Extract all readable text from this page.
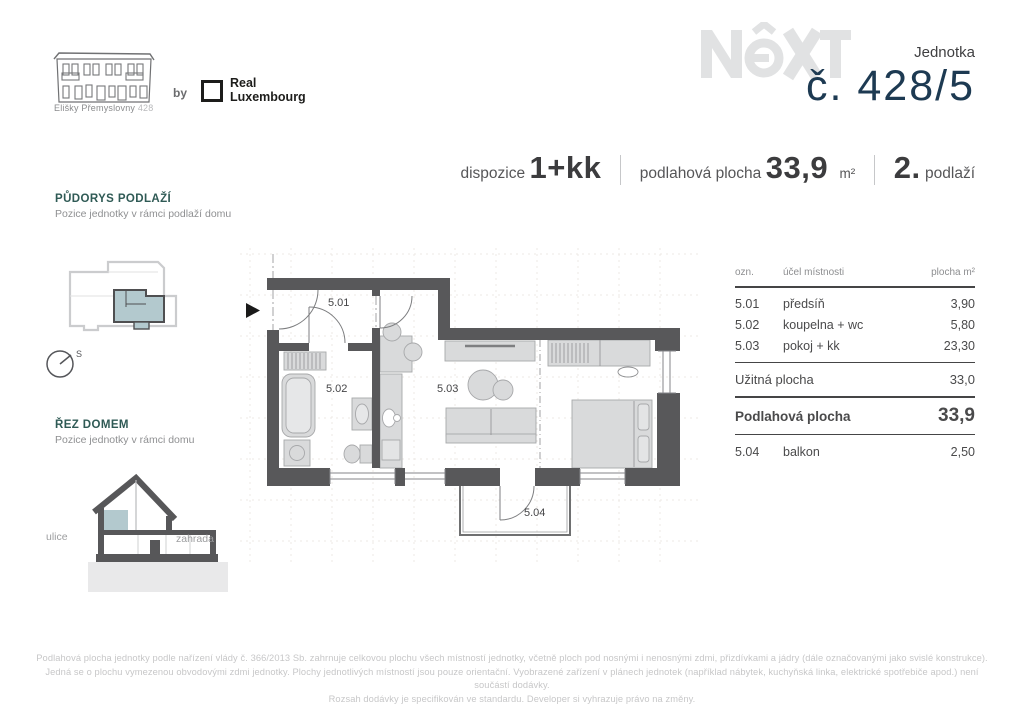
Elišky Přemyslovny 428
by
Real
Luxembourg
Jednotka
č. 428/5
dispozice 1+kk podlahová plocha 33,9 m² 2. podlaží
PŮDORYS PODLAŽÍ
Pozice jednotky v rámci podlaží domu
S
ŘEZ DOMEM
Pozice jednotky v rámci domu
ulice	zahrada
5.01
5.02	5.03
5.04
ozn.	účel místnosti	plocha m²
5.01	předsíň	3,90
5.02	koupelna + wc	5,80
5.03	pokoj + kk	23,30
Užitná plocha	33,0
Podlahová plocha	33,9
5.04	balkon	2,50
Podlahová plocha jednotky podle nařízení vlády č. 366/2013 Sb. zahrnuje celkovou plochu všech místností jednotky, včetně ploch pod nosnými i nenosnými zdmi, přizdívkami a jádry (dále označovanými jako svislé konstrukce).
Jedná se o plochu vymezenou obvodovými zdmi jednotky. Plochy jednotlivých místností jsou pouze orientační. Vyobrazené zařízení v plánech jednotek (například nábytek, kuchyňská linka, elektrické spotřebiče apod.) není součástí dodávky.
Rozsah dodávky je specifikován ve standardu. Developer si vyhrazuje právo na změny.
